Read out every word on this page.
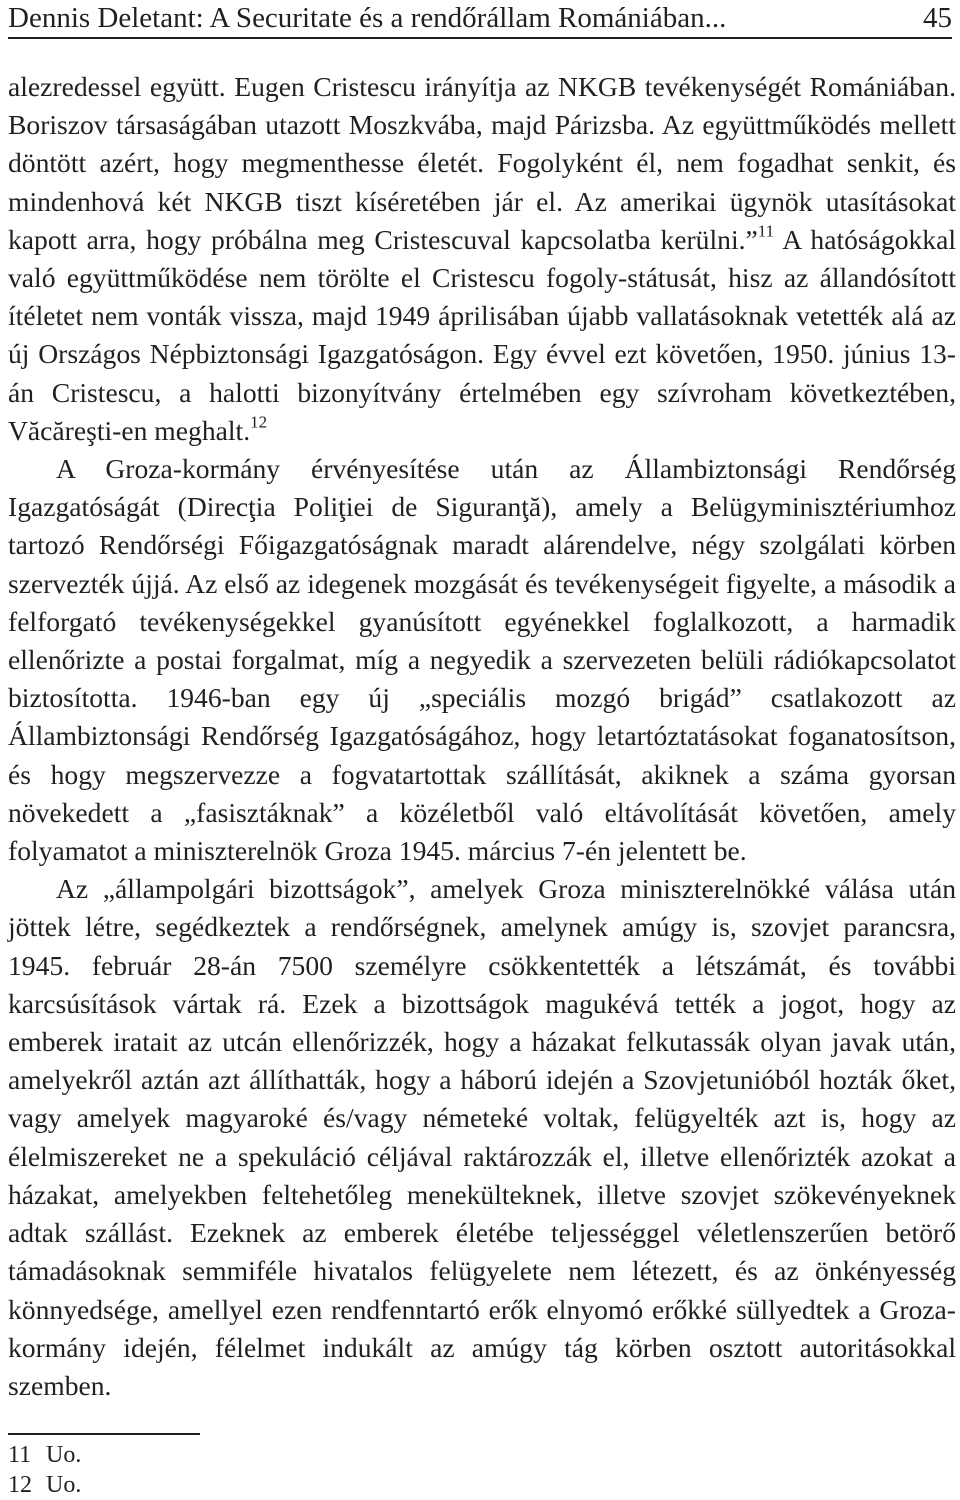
Dennis Deletant: A Securitate és a rendőrállam Romániában...	45

alezredessel együtt. Eugen Cristescu irányítja az NKGB tevékenységét Romániában. Boriszov társaságában utazott Moszkvába, majd Párizsba. Az együttműködés mellett döntött azért, hogy megmenthesse életét. Fogolyként él, nem fogadhat senkit, és mindenhová két NKGB tiszt kíséretében jár el. Az amerikai ügynök utasításokat kapott arra, hogy próbálna meg Cristescuval kapcsolatba kerülni.”$^{11}$ A hatóságokkal való együttműködése nem törölte el Cristescu fogoly-státusát, hisz az állandósított ítéletet nem vonták vissza, majd 1949 áprilisában újabb vallatásoknak vetették alá az új Országos Népbiztonsági Igazgatóságon. Egy évvel ezt követően, 1950. június 13-án Cristescu, a halotti bizonyítvány értelmében egy szívroham következtében, Văcăreşti-en meghalt.$^{12}$

A Groza-kormány érvényesítése után az Állambiztonsági Rendőrség Igazgatóságát (Direcţia Poliţiei de Siguranţă), amely a Belügyminisztériumhoz tartozó Rendőrségi Főigazgatóságnak maradt alárendelve, négy szolgálati körben szervezték újjá. Az első az idegenek mozgását és tevékenységeit figyelte, a második a felforgató tevékenységekkel gyanúsított egyénekkel foglalkozott, a harmadik ellenőrizte a postai forgalmat, míg a negyedik a szervezeten belüli rádiókapcsolatot biztosította. 1946-ban egy új „speciális mozgó brigád” csatlakozott az Állambiztonsági Rendőrség Igazgatóságához, hogy letartóztatásokat foganatosítson, és hogy megszervezze a fogvatartottak szállítását, akiknek a száma gyorsan növekedett a „fasisztáknak” a közéletből való eltávolítását követően, amely folyamatot a miniszterelnök Groza 1945. március 7-én jelentett be.

Az „állampolgári bizottságok”, amelyek Groza miniszterelnökké válása után jöttek létre, segédkeztek a rendőrségnek, amelynek amúgy is, szovjet parancsra, 1945. február 28-án 7500 személyre csökkentették a létszámát, és további karcsúsítások vártak rá. Ezek a bizottságok magukévá tették a jogot, hogy az emberek iratait az utcán ellenőrizzék, hogy a házakat felkutassák olyan javak után, amelyekről aztán azt állíthatták, hogy a háború idején a Szovjetunióból hozták őket, vagy amelyek magyaroké és/vagy németeké voltak, felügyelték azt is, hogy az élelmiszereket ne a spekuláció céljával raktározzák el, illetve ellenőrizték azokat a házakat, amelyekben feltehetőleg menekülteknek, illetve szovjet szökevényeknek adtak szállást. Ezeknek az emberek életébe teljességgel véletlenszerűen betörő támadásoknak semmiféle hivatalos felügyelete nem létezett, és az önkényesség könnyedsége, amellyel ezen rendfenntartó erők elnyomó erőkké süllyedtek a Groza-kormány idején, félelmet indukált az amúgy tág körben osztott autoritásokkal szemben.

11 Uo.
12 Uo.
